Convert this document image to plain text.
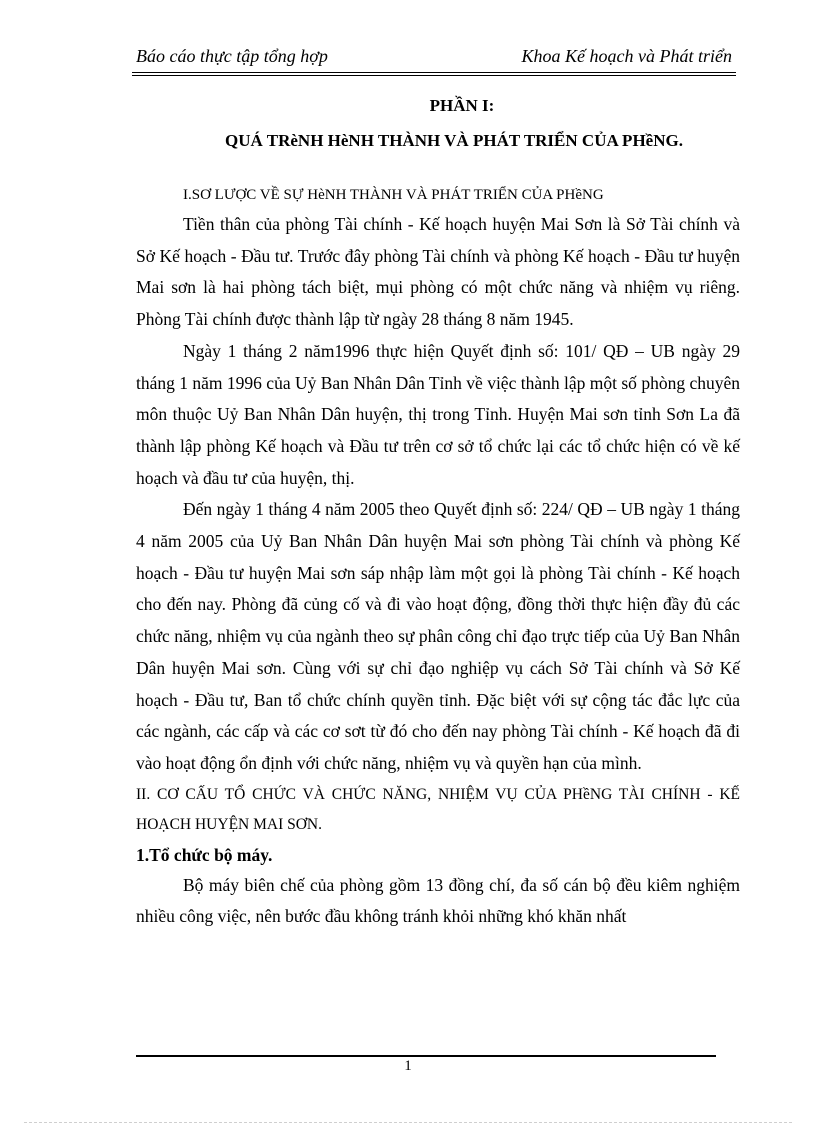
Báo cáo thực tập tổng hợp	Khoa Kế hoạch và Phát triển
PHẦN I:
QUÁ TRèNH HèNH THÀNH VÀ PHÁT TRIỂN CỦA PHềNG.
I.SƠ LƯỢC VỀ SỰ HèNH THÀNH VÀ PHÁT TRIỂN CỦA PHềNG

Tiền thân của phòng Tài chính - Kế hoạch huyện Mai Sơn là Sở Tài chính và Sở Kế hoạch - Đầu tư. Trước đây phòng Tài chính và phòng Kế hoạch - Đầu tư huyện Mai sơn là hai phòng tách biệt, mụi phòng có một chức năng và nhiệm vụ riêng. Phòng Tài chính được thành lập từ ngày 28 tháng 8 năm 1945.

Ngày 1 tháng 2 năm1996 thực hiện Quyết định số: 101/ QĐ – UB ngày 29 tháng 1 năm 1996 của Uỷ Ban Nhân Dân Tỉnh về việc thành lập một số phòng chuyên môn thuộc Uỷ Ban Nhân Dân huyện, thị trong Tỉnh. Huyện Mai sơn tỉnh Sơn La đã thành lập phòng Kế hoạch và Đầu tư trên cơ sở tổ chức lại các tổ chức hiện có về kế hoạch và đầu tư của huyện, thị.

Đến ngày 1 tháng 4 năm 2005 theo Quyết định số: 224/ QĐ – UB ngày 1 tháng 4 năm 2005 của Uỷ Ban Nhân Dân huyện Mai sơn phòng Tài chính và phòng Kế hoạch - Đầu tư huyện Mai sơn sáp nhập làm một gọi là phòng Tài chính - Kế hoạch cho đến nay. Phòng đã củng cố và đi vào hoạt động, đồng thời thực hiện đầy đủ các chức năng, nhiệm vụ của ngành theo sự phân công chỉ đạo trực tiếp của Uỷ Ban Nhân Dân huyện Mai sơn. Cùng với sự chỉ đạo nghiệp vụ cách Sở Tài chính và Sở Kế hoạch - Đầu tư, Ban tổ chức chính quyền tỉnh. Đặc biệt với sự cộng tác đắc lực của các ngành, các cấp và các cơ sơt từ đó cho đến nay phòng Tài chính - Kế hoạch đã đi vào hoạt động ổn định với chức năng, nhiệm vụ và quyền hạn của mình.

II. CƠ CẤU TỔ CHỨC VÀ CHỨC NĂNG, NHIỆM VỤ CỦA PHềNG TÀI CHÍNH - KẾ HOẠCH HUYỆN MAI SƠN.

1.Tổ chức bộ máy.

Bộ máy biên chế của phòng gồm 13 đồng chí, đa số cán bộ đều kiêm nghiệm nhiều công việc, nên bước đầu không tránh khỏi những khó khăn nhất

1
